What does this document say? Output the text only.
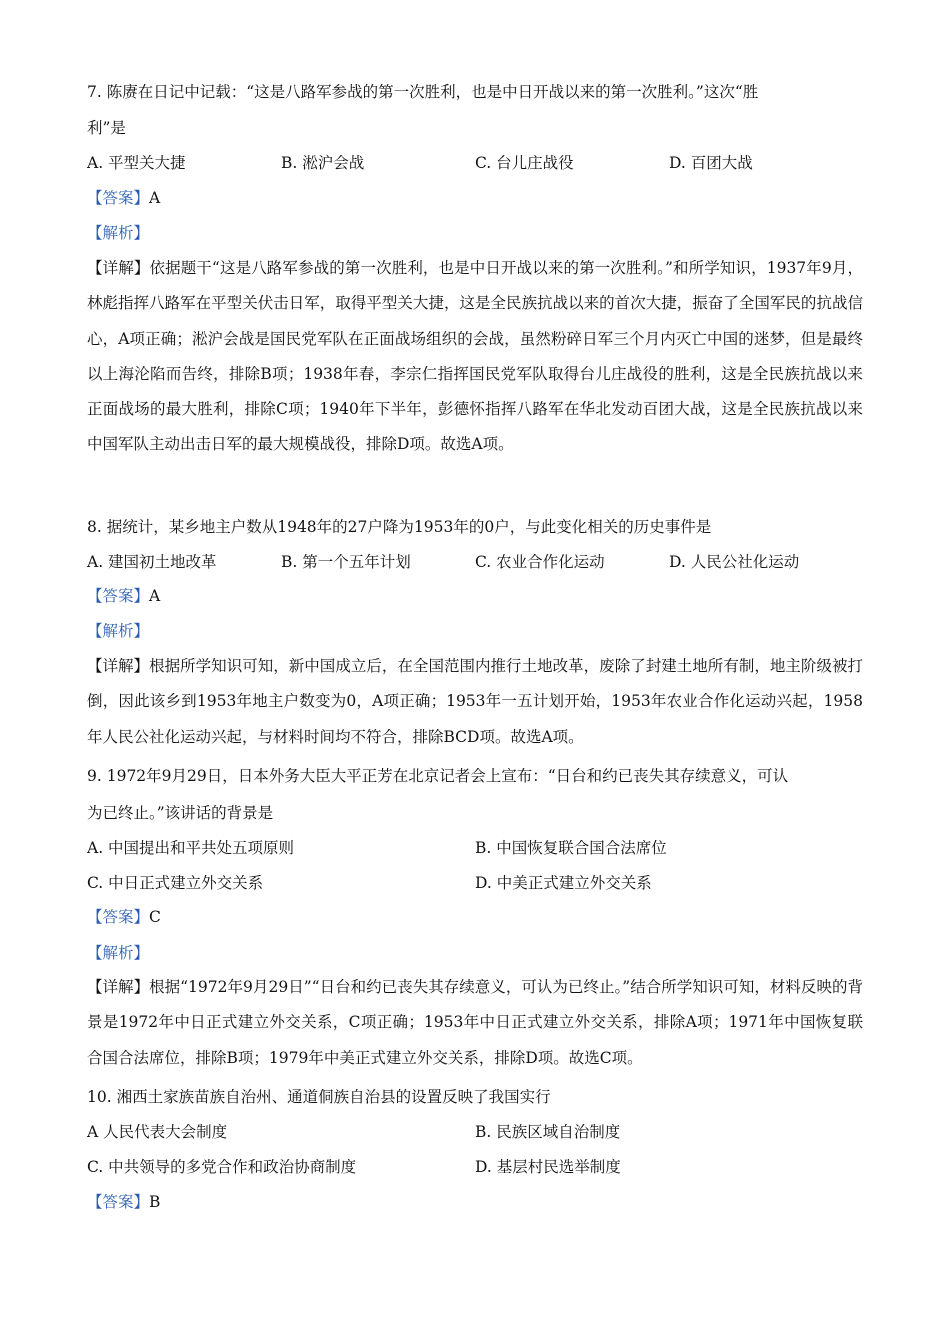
7. 陈赓在日记中记载：“这是八路军参战的第一次胜利，也是中日开战以来的第一次胜利。”这次“胜
利”是
A. 平型关大捷	B. 淞沪会战	C. 台儿庄战役	D. 百团大战
【答案】A
【解析】
【详解】依据题干“这是八路军参战的第一次胜利，也是中日开战以来的第一次胜利。”和所学知识，1937年9月，林彪指挥八路军在平型关伏击日军，取得平型关大捷，这是全民族抗战以来的首次大捷，振奋了全国军民的抗战信心，A项正确；淞沪会战是国民党军队在正面战场组织的会战，虽然粉碎日军三个月内灭亡中国的迷梦，但是最终以上海沦陷而告终，排除B项；1938年春，李宗仁指挥国民党军队取得台儿庄战役的胜利，这是全民族抗战以来正面战场的最大胜利，排除C项；1940年下半年，彭德怀指挥八路军在华北发动百团大战，这是全民族抗战以来中国军队主动出击日军的最大规模战役，排除D项。故选A项。
8. 据统计，某乡地主户数从1948年的27户降为1953年的0户，与此变化相关的历史事件是
A. 建国初土地改革	B. 第一个五年计划	C. 农业合作化运动	D. 人民公社化运动
【答案】A
【解析】
【详解】根据所学知识可知，新中国成立后，在全国范围内推行土地改革，废除了封建土地所有制，地主阶级被打倒，因此该乡到1953年地主户数变为0，A项正确；1953年一五计划开始，1953年农业合作化运动兴起，1958年人民公社化运动兴起，与材料时间均不符合，排除BCD项。故选A项。
9. 1972年9月29日，日本外务大臣大平正芳在北京记者会上宣布：“日台和约已丧失其存续意义，可认
为已终止。”该讲话的背景是
A. 中国提出和平共处五项原则	B. 中国恢复联合国合法席位
C. 中日正式建立外交关系	D. 中美正式建立外交关系
【答案】C
【解析】
【详解】根据“1972年9月29日”“日台和约已丧失其存续意义，可认为已终止。”结合所学知识可知，材料反映的背景是1972年中日正式建立外交关系，C项正确；1953年中日正式建立外交关系，排除A项；1971年中国恢复联合国合法席位，排除B项；1979年中美正式建立外交关系，排除D项。故选C项。
10. 湘西土家族苗族自治州、通道侗族自治县的设置反映了我国实行
A 人民代表大会制度	B. 民族区域自治制度
C. 中共领导的多党合作和政治协商制度	D. 基层村民选举制度
【答案】B
